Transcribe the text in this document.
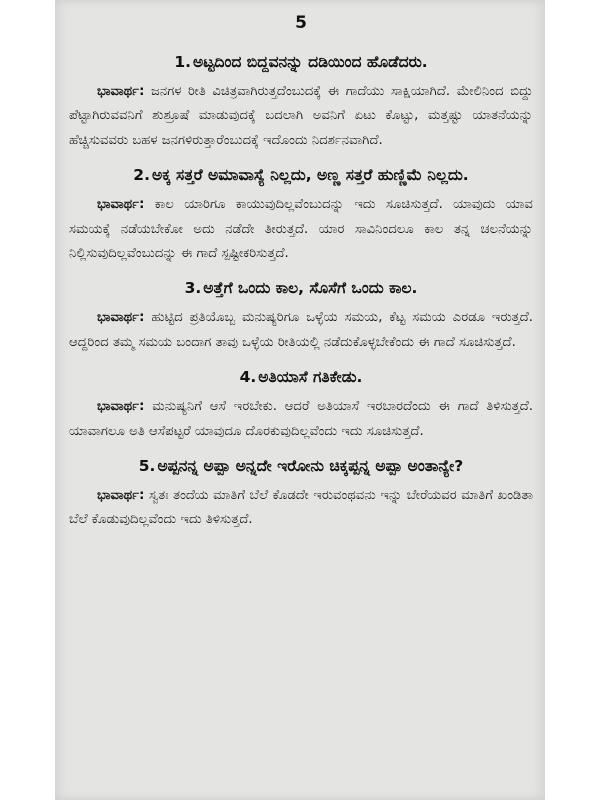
5
1. ಅಟ್ಟದಿಂದ ಬಿದ್ದವನನ್ನು ದಡಿಯಿಂದ ಹೊಡೆದರು.

ಭಾವಾರ್ಥ: ಜನಗಳ ರೀತಿ ವಿಚಿತ್ರವಾಗಿರುತ್ತದೆಂಬುದಕ್ಕೆ ಈ ಗಾದೆಯು ಸಾಕ್ಷಿಯಾಗಿದೆ. ಮೇಲಿನಿಂದ ಬಿದ್ದು ಪೆಟ್ಟಾಗಿರುವವನಿಗೆ ಶುಶ್ರೂಷೆ ಮಾಡುವುದಕ್ಕೆ ಬದಲಾಗಿ ಅವನಿಗೆ ಏಟು ಕೊಟ್ಟು, ಮತ್ತಷ್ಟು ಯಾತನೆಯನ್ನು ಹೆಚ್ಚಿಸುವವರು ಬಹಳ ಜನಗಳಿರುತ್ತಾರೆಂಬುದಕ್ಕೆ ಇದೊಂದು ನಿದರ್ಶನವಾಗಿದೆ.

2. ಅಕ್ಕ ಸತ್ತರೆ ಅಮಾವಾಸ್ಯೆ ನಿಲ್ಲದು, ಅಣ್ಣ ಸತ್ತರೆ ಹುಣ್ಣಿಮೆ ನಿಲ್ಲದು.

ಭಾವಾರ್ಥ: ಕಾಲ ಯಾರಿಗೂ ಕಾಯುವುದಿಲ್ಲವೆಂಬುದನ್ನು ಇದು ಸೂಚಿಸುತ್ತದೆ. ಯಾವುದು ಯಾವ ಸಮಯಕ್ಕೆ ನಡೆಯಬೇಕೋ ಅದು ನಡೆದೇ ತೀರುತ್ತದೆ. ಯಾರ ಸಾವಿನಿಂದಲೂ ಕಾಲ ತನ್ನ ಚಲನೆಯನ್ನು ನಿಲ್ಲಿಸುವುದಿಲ್ಲವೆಂಬುದನ್ನು ಈ ಗಾದೆ ಸ್ಪಷ್ಟೀಕರಿಸುತ್ತದೆ.

3. ಅತ್ತೆಗೆ ಒಂದು ಕಾಲ, ಸೊಸೆಗೆ ಒಂದು ಕಾಲ.

ಭಾವಾರ್ಥ: ಹುಟ್ಟಿದ ಪ್ರತಿಯೊಬ್ಬ ಮನುಷ್ಯರಿಗೂ ಒಳ್ಳೆಯ ಸಮಯ, ಕೆಟ್ಟ ಸಮಯ ಎರಡೂ ಇರುತ್ತದೆ. ಆದ್ದರಿಂದ ತಮ್ಮ ಸಮಯ ಬಂದಾಗ ತಾವು ಒಳ್ಳೆಯ ರೀತಿಯಲ್ಲಿ ನಡೆದುಕೊಳ್ಳಬೇಕೆಂದು ಈ ಗಾದೆ ಸೂಚಿಸುತ್ತದೆ.

4. ಅತಿಯಾಸೆ ಗತಿಕೇಡು.

ಭಾವಾರ್ಥ: ಮನುಷ್ಯನಿಗೆ ಆಸೆ ಇರಬೇಕು. ಆದರೆ ಅತಿಯಾಸೆ ಇರಬಾರದೆಂದು ಈ ಗಾದೆ ತಿಳಿಸುತ್ತದೆ. ಯಾವಾಗಲೂ ಅತಿ ಆಸೆಪಟ್ಟರೆ ಯಾವುದೂ ದೊರಕುವುದಿಲ್ಲವೆಂದು ಇದು ಸೂಚಿಸುತ್ತದೆ.

5. ಅಪ್ಪನನ್ನ ಅಪ್ಪಾ ಅನ್ನದೇ ಇರೋನು ಚಿಕ್ಕಪ್ಪನ್ನ ಅಪ್ಪಾ ಅಂತಾನ್ಯೇ?

ಭಾವಾರ್ಥ: ಸ್ವತಃ ತಂದೆಯ ಮಾತಿಗೆ ಬೆಲೆ ಕೊಡದೇ ಇರುವಂಥವನು ಇನ್ನು ಬೇರೆಯವರ ಮಾತಿಗೆ ಖಂಡಿತಾ ಬೆಲೆ ಕೊಡುವುದಿಲ್ಲವೆಂದು ಇದು ತಿಳಿಸುತ್ತದೆ.
